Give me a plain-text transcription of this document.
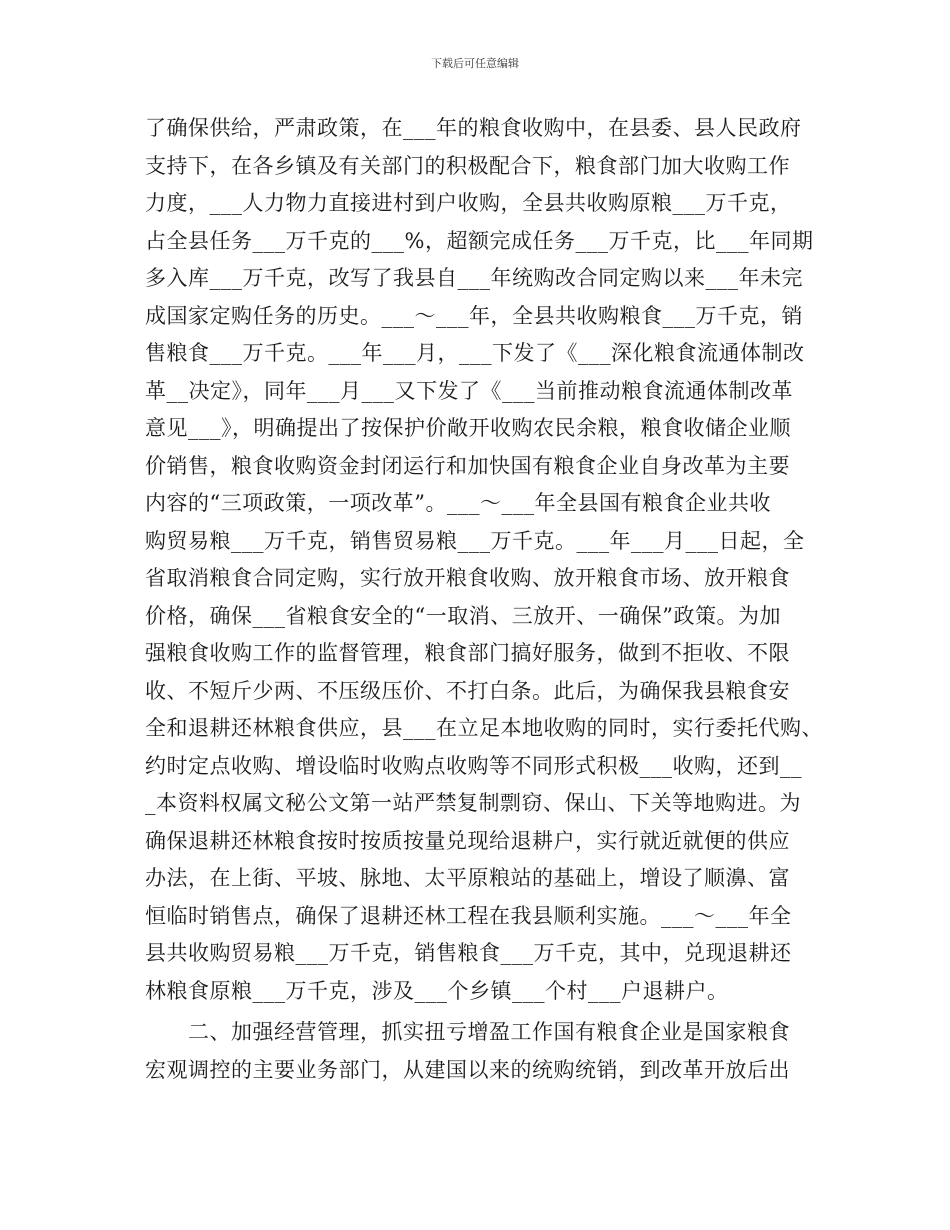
下载后可任意编辑
了确保供给，严肃政策，在___年的粮食收购中，在县委、县人民政府
支持下，在各乡镇及有关部门的积极配合下，粮食部门加大收购工作
力度，___人力物力直接进村到户收购，全县共收购原粮___万千克，
占全县任务___万千克的___%，超额完成任务___万千克，比___年同期
多入库___万千克，改写了我县自___年统购改合同定购以来___年未完
成国家定购任务的历史。___～___年，全县共收购粮食___万千克，销
售粮食___万千克。___年___月，___下发了《___深化粮食流通体制改
革__决定》，同年___月___又下发了《___当前推动粮食流通体制改革
意见___》，明确提出了按保护价敞开收购农民余粮，粮食收储企业顺
价销售，粮食收购资金封闭运行和加快国有粮食企业自身改革为主要
内容的“三项政策，一项改革”。___～___年全县国有粮食企业共收
购贸易粮___万千克，销售贸易粮___万千克。___年___月___日起，全
省取消粮食合同定购，实行放开粮食收购、放开粮食市场、放开粮食
价格，确保___省粮食安全的“一取消、三放开、一确保”政策。为加
强粮食收购工作的监督管理，粮食部门搞好服务，做到不拒收、不限
收、不短斤少两、不压级压价、不打白条。此后，为确保我县粮食安
全和退耕还林粮食供应，县___在立足本地收购的同时，实行委托代购、
约时定点收购、增设临时收购点收购等不同形式积极___收购，还到__
_本资料权属文秘公文第一站严禁复制剽窃、保山、下关等地购进。为
确保退耕还林粮食按时按质按量兑现给退耕户，实行就近就便的供应
办法，在上街、平坡、脉地、太平原粮站的基础上，增设了顺濞、富
恒临时销售点，确保了退耕还林工程在我县顺利实施。___～___年全
县共收购贸易粮___万千克，销售粮食___万千克，其中，兑现退耕还
林粮食原粮___万千克，涉及___个乡镇___个村___户退耕户。
　　二、加强经营管理，抓实扭亏增盈工作国有粮食企业是国家粮食
宏观调控的主要业务部门，从建国以来的统购统销，到改革开放后出
